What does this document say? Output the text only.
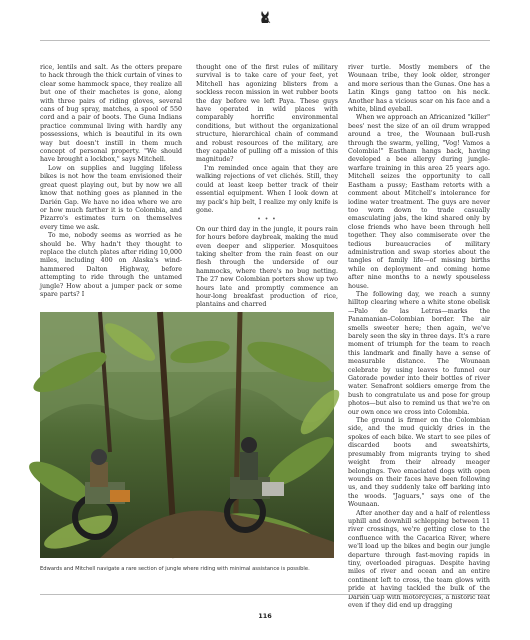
rice, lentils and salt. As the otters prepare to hack through the thick curtain of vines to clear some hammock space, they realize all but one of their machetes is gone, along with three pairs of riding gloves, several cans of bug spray, matches, a spool of 550 cord and a pair of boots. The Guna Indians practice communal living with hardly any possessions, which is beautiful in its own way but doesn't instill in them much concept of personal property. "We should have brought a lockbox," says Mitchell.

Low on supplies and lugging lifeless bikes is not how the team envisioned their great quest playing out, but by now we all know that nothing goes as planned in the Darién Gap. We have no idea where we are or how much farther it is to Colombia, and Pizarro's estimates turn on themselves every time we ask.

To me, nobody seems as worried as he should be. Why hadn't they thought to replace the clutch plates after riding 10,000 miles, including 400 on Alaska's wind-hammered Dalton Highway, before attempting to ride through the untamed jungle? How about a jumper pack or some spare parts? I

thought one of the first rules of military survival is to take care of your feet, yet Mitchell has agonizing blisters from a sockless recon mission in wet rubber boots the day before we left Paya. These guys have operated in wild places with comparably horrific environmental conditions, but without the organizational structure, hierarchical chain of command and robust resources of the military, are they capable of pulling off a mission of this magnitude?

I'm reminded once again that they are walking rejections of vet clichés. Still, they could at least keep better track of their essential equipment. When I look down at my pack's hip belt, I realize my only knife is gone.

• • •

On our third day in the jungle, it pours rain for hours before daybreak, making the mud even deeper and slipperier. Mosquitoes taking shelter from the rain feast on our flesh through the underside of our hammocks, where there's no bug netting. The 27 new Colombian porters show up two hours late and promptly commence an hour-long breakfast production of rice, plantains and charred

river turtle. Mostly members of the Wounaan tribe, they look older, stronger and more serious than the Gunas. One has a Latin Kings gang tattoo on his neck. Another has a vicious scar on his face and a white, blind eyeball.

When we approach an Africanized "killer" bees' nest the size of an oil drum wrapped around a tree, the Wounaan bull-rush through the swarm, yelling, "Vog! Vamos a Colombia!" Eastham hangs back, having developed a bee allergy during jungle-warfare training in this area 25 years ago. Mitchell seizes the opportunity to call Eastham a pussy; Eastham retorts with a comment about Mitchell's intolerance for iodine water treatment. The guys are never too worn down to trade casually emasculating jabs, the kind shared only by close friends who have been through hell together. They also commiserate over the tedious bureaucracies of military administration and swap stories about the tangles of family life—of missing births while on deployment and coming home after nine months to a newly spouseless house.

The following day, we reach a sunny hilltop clearing where a white stone obelisk—Palo de las Letras—marks the Panamanian–Colombian border. The air smells sweeter here; then again, we've barely seen the sky in three days. It's a rare moment of triumph for the team to reach this landmark and finally have a sense of measurable distance. The Wounaan celebrate by using leaves to funnel our Gatorade powder into their bottles of river water. Senafront soldiers emerge from the bush to congratulate us and pose for group photos—but also to remind us that we're on our own once we cross into Colombia.

The ground is firmer on the Colombian side, and the mud quickly dries in the spokes of each bike. We start to see piles of discarded boots and sweatshirts, presumably from migrants trying to shed weight from their already meager belongings. Two emaciated dogs with open wounds on their faces have been following us, and they suddenly take off barking into the woods. "Jaguars," says one of the Wounaan.

After another day and a half of relentless uphill and downhill schlepping between 11 river crossings, we're getting close to the confluence with the Cacarica River, where we'll load up the bikes and begin our jungle departure through fast-moving rapids in tiny, overloaded piraguas. Despite having miles of river and ocean and an entire continent left to cross, the team glows with pride at having tackled the bulk of the Darién Gap with motorcycles, a historic feat even if they did end up dragging

Edwards and Mitchell navigate a rare section of jungle where riding with minimal assistance is possible.
116
